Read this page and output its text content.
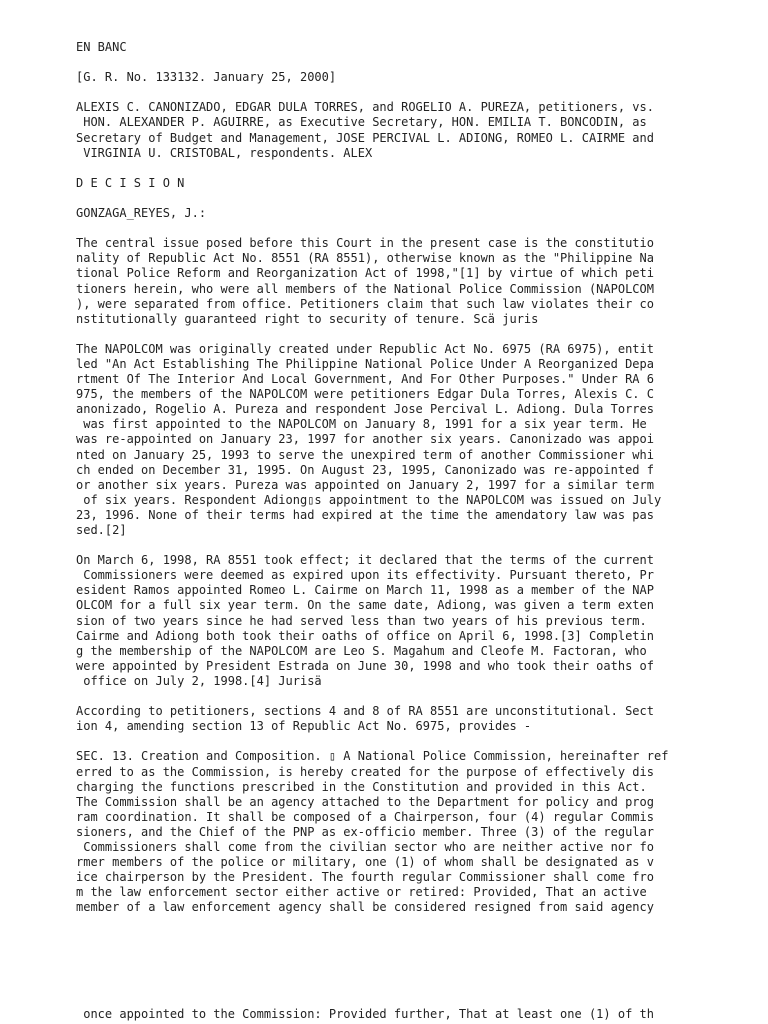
EN BANC
[G. R. No. 133132. January 25, 2000]
ALEXIS C. CANONIZADO, EDGAR DULA TORRES, and ROGELIO A. PUREZA, petitioners, vs.
HON. ALEXANDER P. AGUIRRE, as Executive Secretary, HON. EMILIA T. BONCODIN, as
Secretary of Budget and Management, JOSE PERCIVAL L. ADIONG, ROMEO L. CAIRME and
VIRGINIA U. CRISTOBAL, respondents. ALEX
D E C I S I O N
GONZAGA_REYES, J.:
The central issue posed before this Court in the present case is the constitutio
nality of Republic Act No. 8551 (RA 8551), otherwise known as the "Philippine Na
tional Police Reform and Reorganization Act of 1998,"[1] by virtue of which peti
tioners herein, who were all members of the National Police Commission (NAPOLCOM
), were separated from office. Petitioners claim that such law violates their co
nstitutionally guaranteed right to security of tenure. Scä juris
The NAPOLCOM was originally created under Republic Act No. 6975 (RA 6975), entit
led "An Act Establishing The Philippine National Police Under A Reorganized Depa
rtment Of The Interior And Local Government, And For Other Purposes." Under RA 6
975, the members of the NAPOLCOM were petitioners Edgar Dula Torres, Alexis C. C
anonizado, Rogelio A. Pureza and respondent Jose Percival L. Adiong. Dula Torres
was first appointed to the NAPOLCOM on January 8, 1991 for a six year term. He
was re-appointed on January 23, 1997 for another six years. Canonizado was appoi
nted on January 25, 1993 to serve the unexpired term of another Commissioner whi
ch ended on December 31, 1995. On August 23, 1995, Canonizado was re-appointed f
or another six years. Pureza was appointed on January 2, 1997 for a similar term
of six years. Respondent Adiong▯s appointment to the NAPOLCOM was issued on July
23, 1996. None of their terms had expired at the time the amendatory law was pas
sed.[2]
On March 6, 1998, RA 8551 took effect; it declared that the terms of the current
Commissioners were deemed as expired upon its effectivity. Pursuant thereto, Pr
esident Ramos appointed Romeo L. Cairme on March 11, 1998 as a member of the NAP
OLCOM for a full six year term. On the same date, Adiong, was given a term exten
sion of two years since he had served less than two years of his previous term.
Cairme and Adiong both took their oaths of office on April 6, 1998.[3] Completin
g the membership of the NAPOLCOM are Leo S. Magahum and Cleofe M. Factoran, who
were appointed by President Estrada on June 30, 1998 and who took their oaths of
office on July 2, 1998.[4] Jurisä
According to petitioners, sections 4 and 8 of RA 8551 are unconstitutional. Sect
ion 4, amending section 13 of Republic Act No. 6975, provides -
SEC. 13. Creation and Composition. ▯ A National Police Commission, hereinafter ref
erred to as the Commission, is hereby created for the purpose of effectively dis
charging the functions prescribed in the Constitution and provided in this Act.
The Commission shall be an agency attached to the Department for policy and prog
ram coordination. It shall be composed of a Chairperson, four (4) regular Commis
sioners, and the Chief of the PNP as ex-officio member. Three (3) of the regular
Commissioners shall come from the civilian sector who are neither active nor fo
rmer members of the police or military, one (1) of whom shall be designated as v
ice chairperson by the President. The fourth regular Commissioner shall come fro
m the law enforcement sector either active or retired: Provided, That an active
member of a law enforcement agency shall be considered resigned from said agency
once appointed to the Commission: Provided further, That at least one (1) of th
